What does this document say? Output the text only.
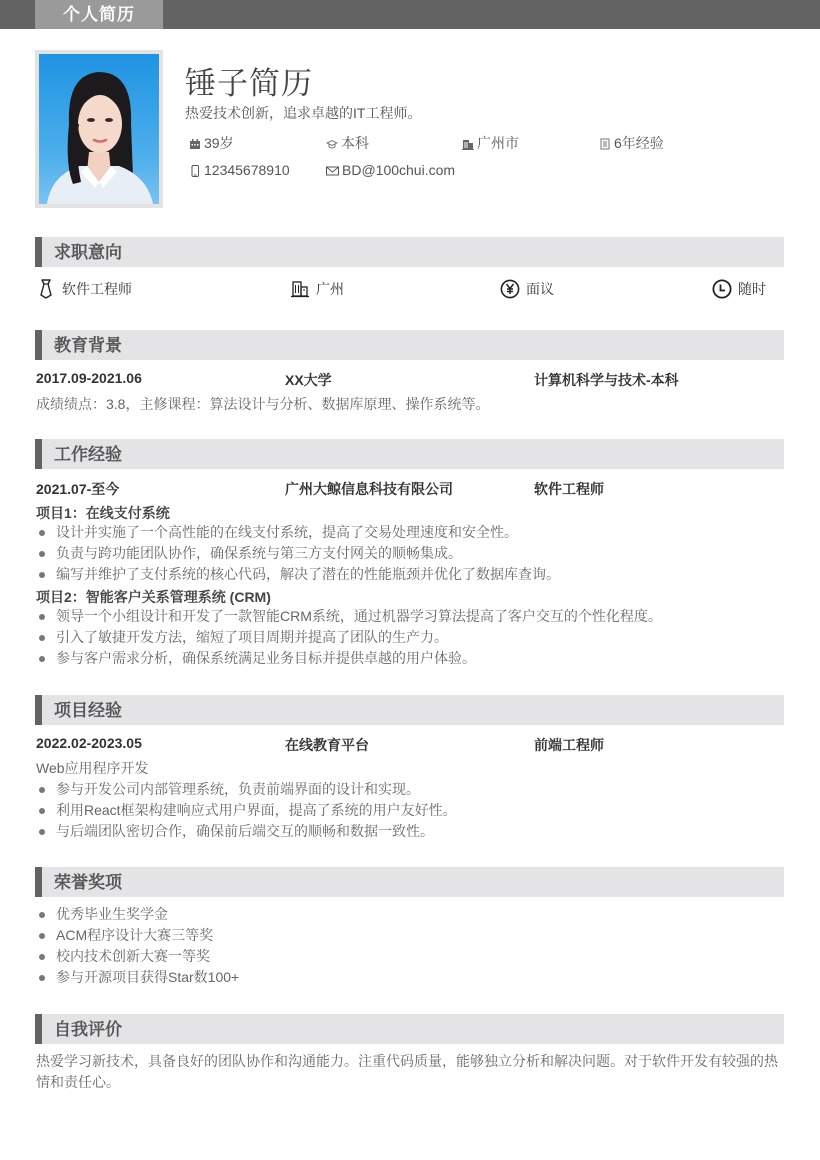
个人简历
锤子简历
热爱技术创新，追求卓越的IT工程师。
39岁	本科	广州市	6年经验
12345678910	BD@100chui.com
求职意向
软件工程师	广州	面议	随时
教育背景
2017.09-2021.06	XX大学	计算机科学与技术-本科
成绩绩点：3.8，主修课程：算法设计与分析、数据库原理、操作系统等。
工作经验
2021.07-至今	广州大鲸信息科技有限公司	软件工程师
项目1：在线支付系统
设计并实施了一个高性能的在线支付系统，提高了交易处理速度和安全性。
负责与跨功能团队协作，确保系统与第三方支付网关的顺畅集成。
编写并维护了支付系统的核心代码，解决了潜在的性能瓶颈并优化了数据库查询。
项目2：智能客户关系管理系统 (CRM)
领导一个小组设计和开发了一款智能CRM系统，通过机器学习算法提高了客户交互的个性化程度。
引入了敏捷开发方法，缩短了项目周期并提高了团队的生产力。
参与客户需求分析，确保系统满足业务目标并提供卓越的用户体验。
项目经验
2022.02-2023.05	在线教育平台	前端工程师
Web应用程序开发
参与开发公司内部管理系统，负责前端界面的设计和实现。
利用React框架构建响应式用户界面，提高了系统的用户友好性。
与后端团队密切合作，确保前后端交互的顺畅和数据一致性。
荣誉奖项
优秀毕业生奖学金
ACM程序设计大赛三等奖
校内技术创新大赛一等奖
参与开源项目获得Star数100+
自我评价
热爱学习新技术，具备良好的团队协作和沟通能力。注重代码质量，能够独立分析和解决问题。对于软件开发有较强的热情和责任心。
